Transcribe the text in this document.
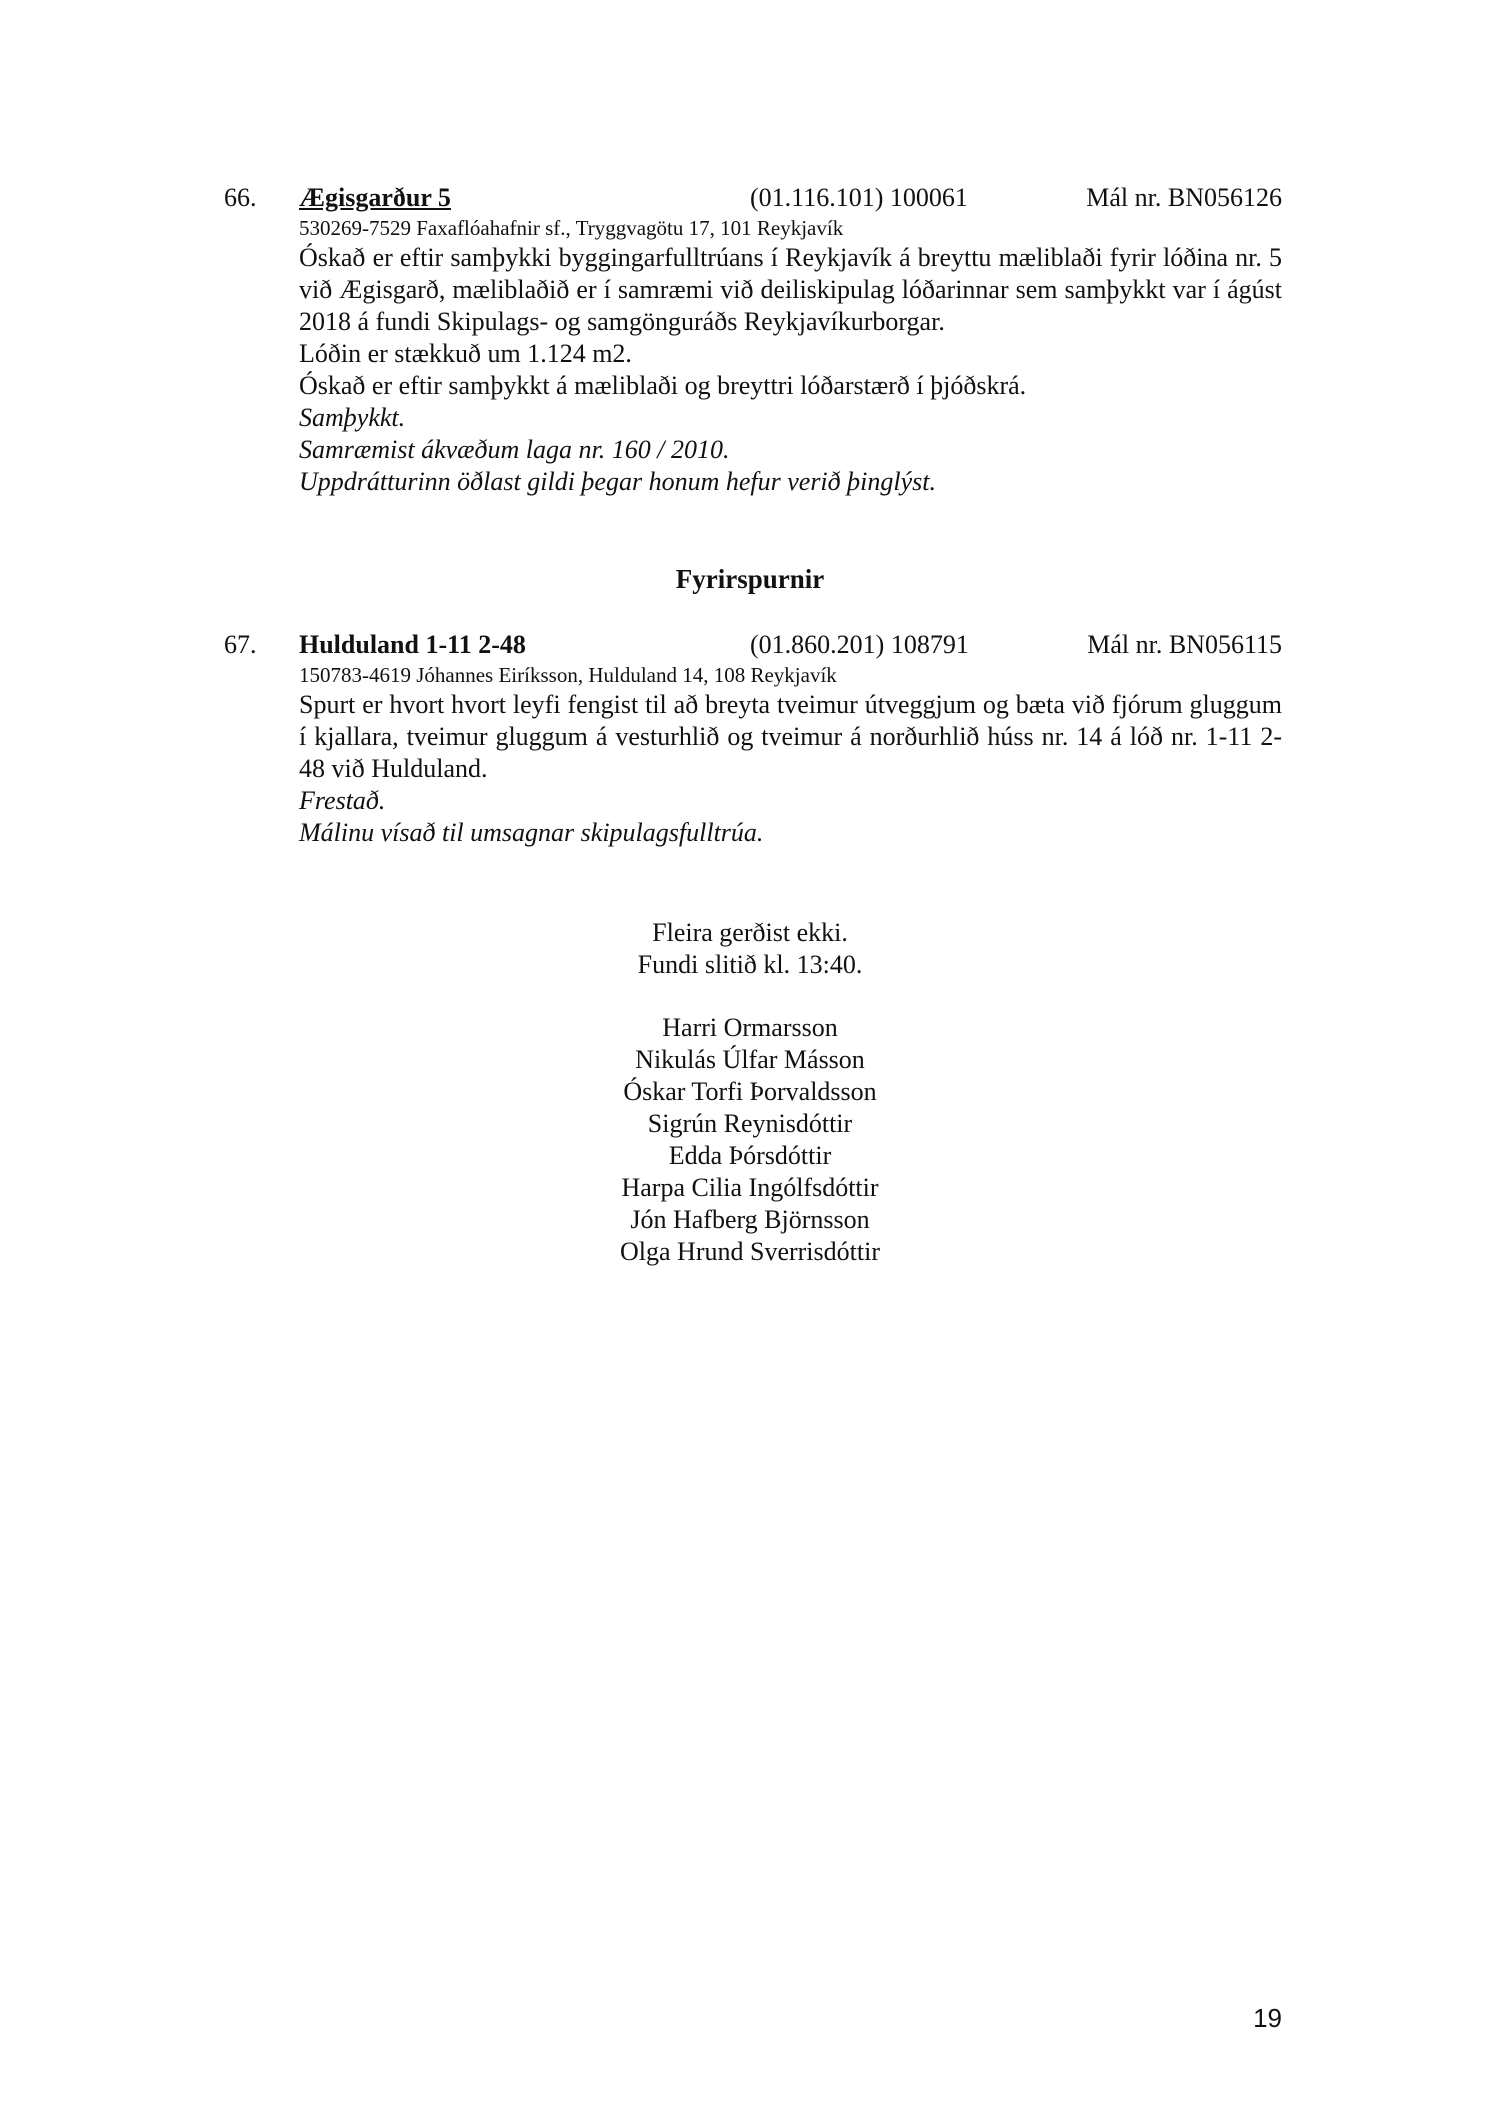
66. Ægisgarður 5	(01.116.101) 100061	Mál nr. BN056126
530269-7529 Faxaflóahafnir sf., Tryggvagötu 17, 101 Reykjavík

Óskað er eftir samþykki byggingarfulltrúans í Reykjavík á breyttu mæliblaði fyrir lóðina nr. 5 við Ægisgarð, mæliblaðið er í samræmi við deiliskipulag lóðarinnar sem samþykkt var í ágúst 2018 á fundi Skipulags- og samgönguráðs Reykjavíkurborgar.

Lóðin er stækkuð um 1.124 m2.

Óskað er eftir samþykkt á mæliblaði og breyttri lóðarstærð í þjóðskrá.

Samþykkt.

Samræmist ákvæðum laga nr. 160 / 2010.

Uppdrátturinn öðlast gildi þegar honum hefur verið þinglýst.

Fyrirspurnir
67. Hulduland 1-11 2-48	(01.860.201) 108791	Mál nr. BN056115
150783-4619 Jóhannes Eiríksson, Hulduland 14, 108 Reykjavík

Spurt er hvort hvort leyfi fengist til að breyta tveimur útveggjum og bæta við fjórum gluggum í kjallara, tveimur gluggum á vesturhlið og tveimur á norðurhlið húss nr. 14 á lóð nr. 1-11 2-48 við Hulduland.

Frestað.

Málinu vísað til umsagnar skipulagsfulltrúa.

Fleira gerðist ekki.
Fundi slitið kl. 13:40.
Harri Ormarsson
Nikulás Úlfar Másson
Óskar Torfi Þorvaldsson
Sigrún Reynisdóttir
Edda Þórsdóttir
Harpa Cilia Ingólfsdóttir
Jón Hafberg Björnsson
Olga Hrund Sverrisdóttir
19
